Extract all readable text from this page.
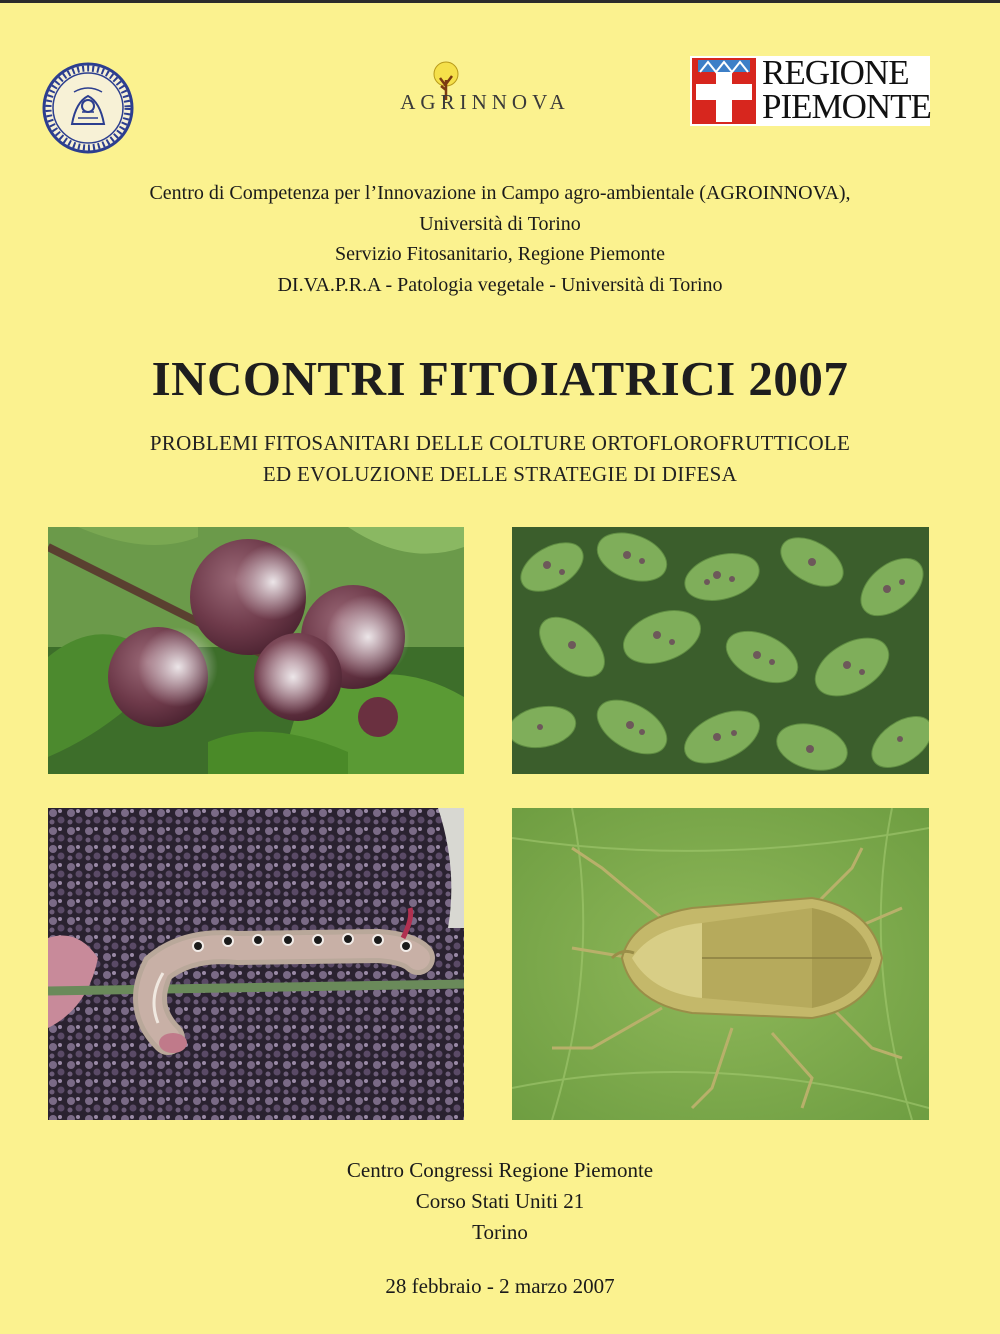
AGRINNOVA
REGIONE
PIEMONTE
Centro di Competenza per l’Innovazione in Campo agro-ambientale (AGROINNOVA),
Università di Torino
Servizio Fitosanitario, Regione Piemonte
DI.VA.P.R.A - Patologia vegetale - Università di Torino
INCONTRI FITOIATRICI 2007
PROBLEMI FITOSANITARI DELLE COLTURE ORTOFLOROFRUTTICOLE
ED EVOLUZIONE DELLE STRATEGIE DI DIFESA
Centro Congressi Regione Piemonte
Corso Stati Uniti 21
Torino
28 febbraio - 2 marzo 2007
